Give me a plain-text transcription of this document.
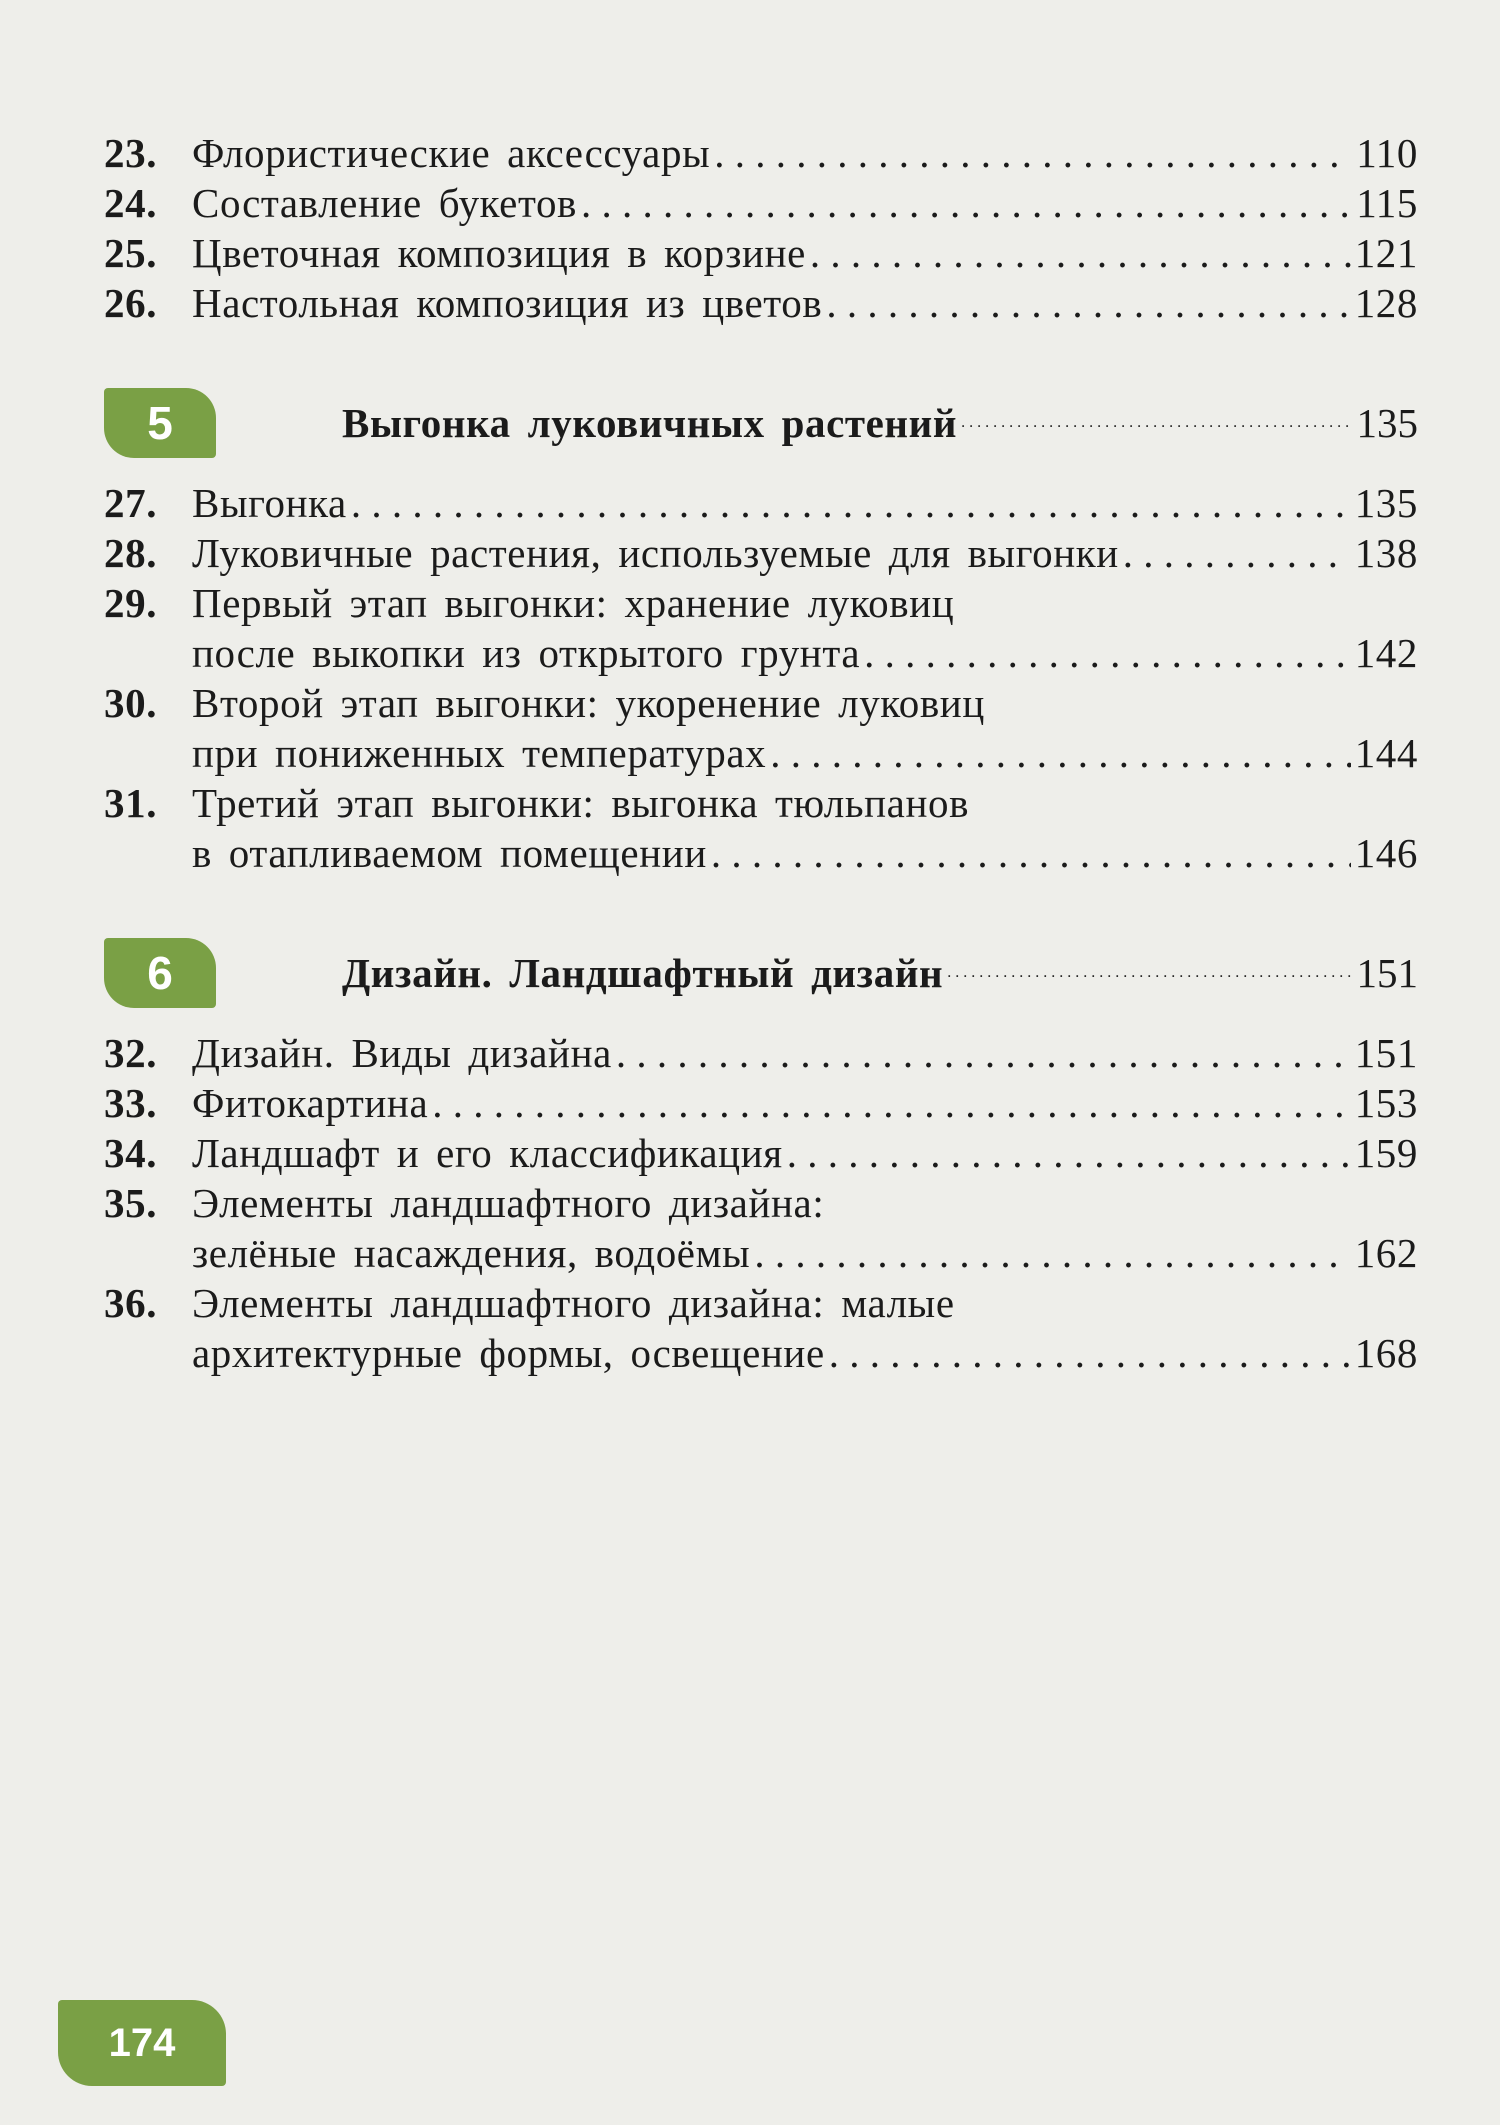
23. Флористические аксессуары . . .	110
24. Составление букетов . . .	115
25. Цветочная композиция в корзине . . .	121
26. Настольная композиция из цветов . . .	128
5	Выгонка луковичных растений . . .	135
27. Выгонка . . .	135
28. Луковичные растения, используемые для выгонки . . .	138
29. Первый этап выгонки: хранение луковиц
после выкопки из открытого грунта . . .	142
30. Второй этап выгонки: укоренение луковиц
при пониженных температурах . . .	144
31. Третий этап выгонки: выгонка тюльпанов
в отапливаемом помещении . . .	146
6	Дизайн. Ландшафтный дизайн . . .	151
32. Дизайн. Виды дизайна . . .	151
33. Фитокартина . . .	153
34. Ландшафт и его классификация . . .	159
35. Элементы ландшафтного дизайна:
зелёные насаждения, водоёмы . . .	162
36. Элементы ландшафтного дизайна: малые
архитектурные формы, освещение . . .	168
174
